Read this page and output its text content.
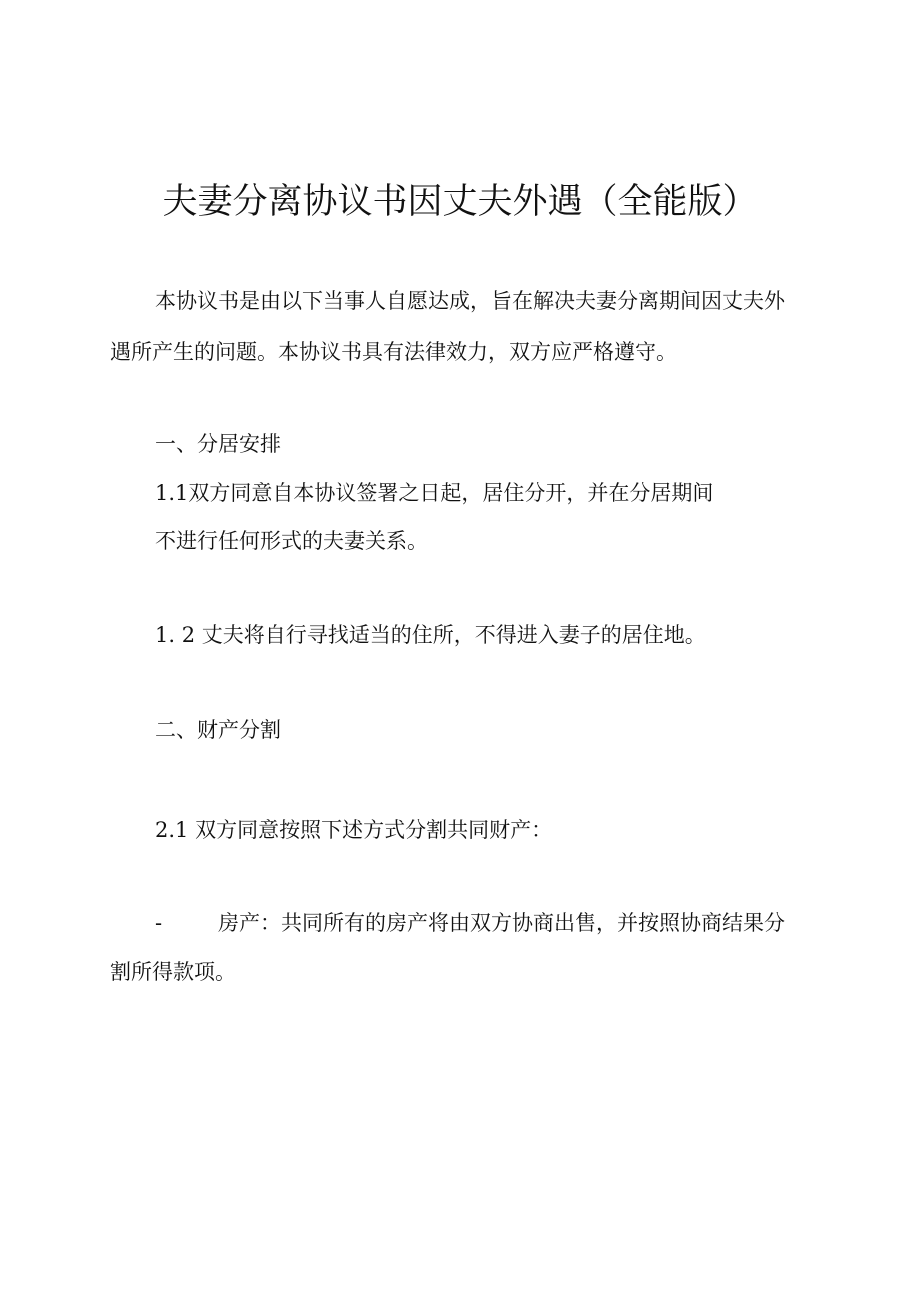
夫妻分离协议书因丈夫外遇（全能版）
本协议书是由以下当事人自愿达成，旨在解决夫妻分离期间因丈夫外
遇所产生的问题。本协议书具有法律效力，双方应严格遵守。
一、分居安排
1.1双方同意自本协议签署之日起，居住分开，并在分居期间
不进行任何形式的夫妻关系。
1. 2 丈夫将自行寻找适当的住所，不得进入妻子的居住地。
二、财产分割
2.1 双方同意按照下述方式分割共同财产：
-	房产：共同所有的房产将由双方协商出售，并按照协商结果分
割所得款项。
